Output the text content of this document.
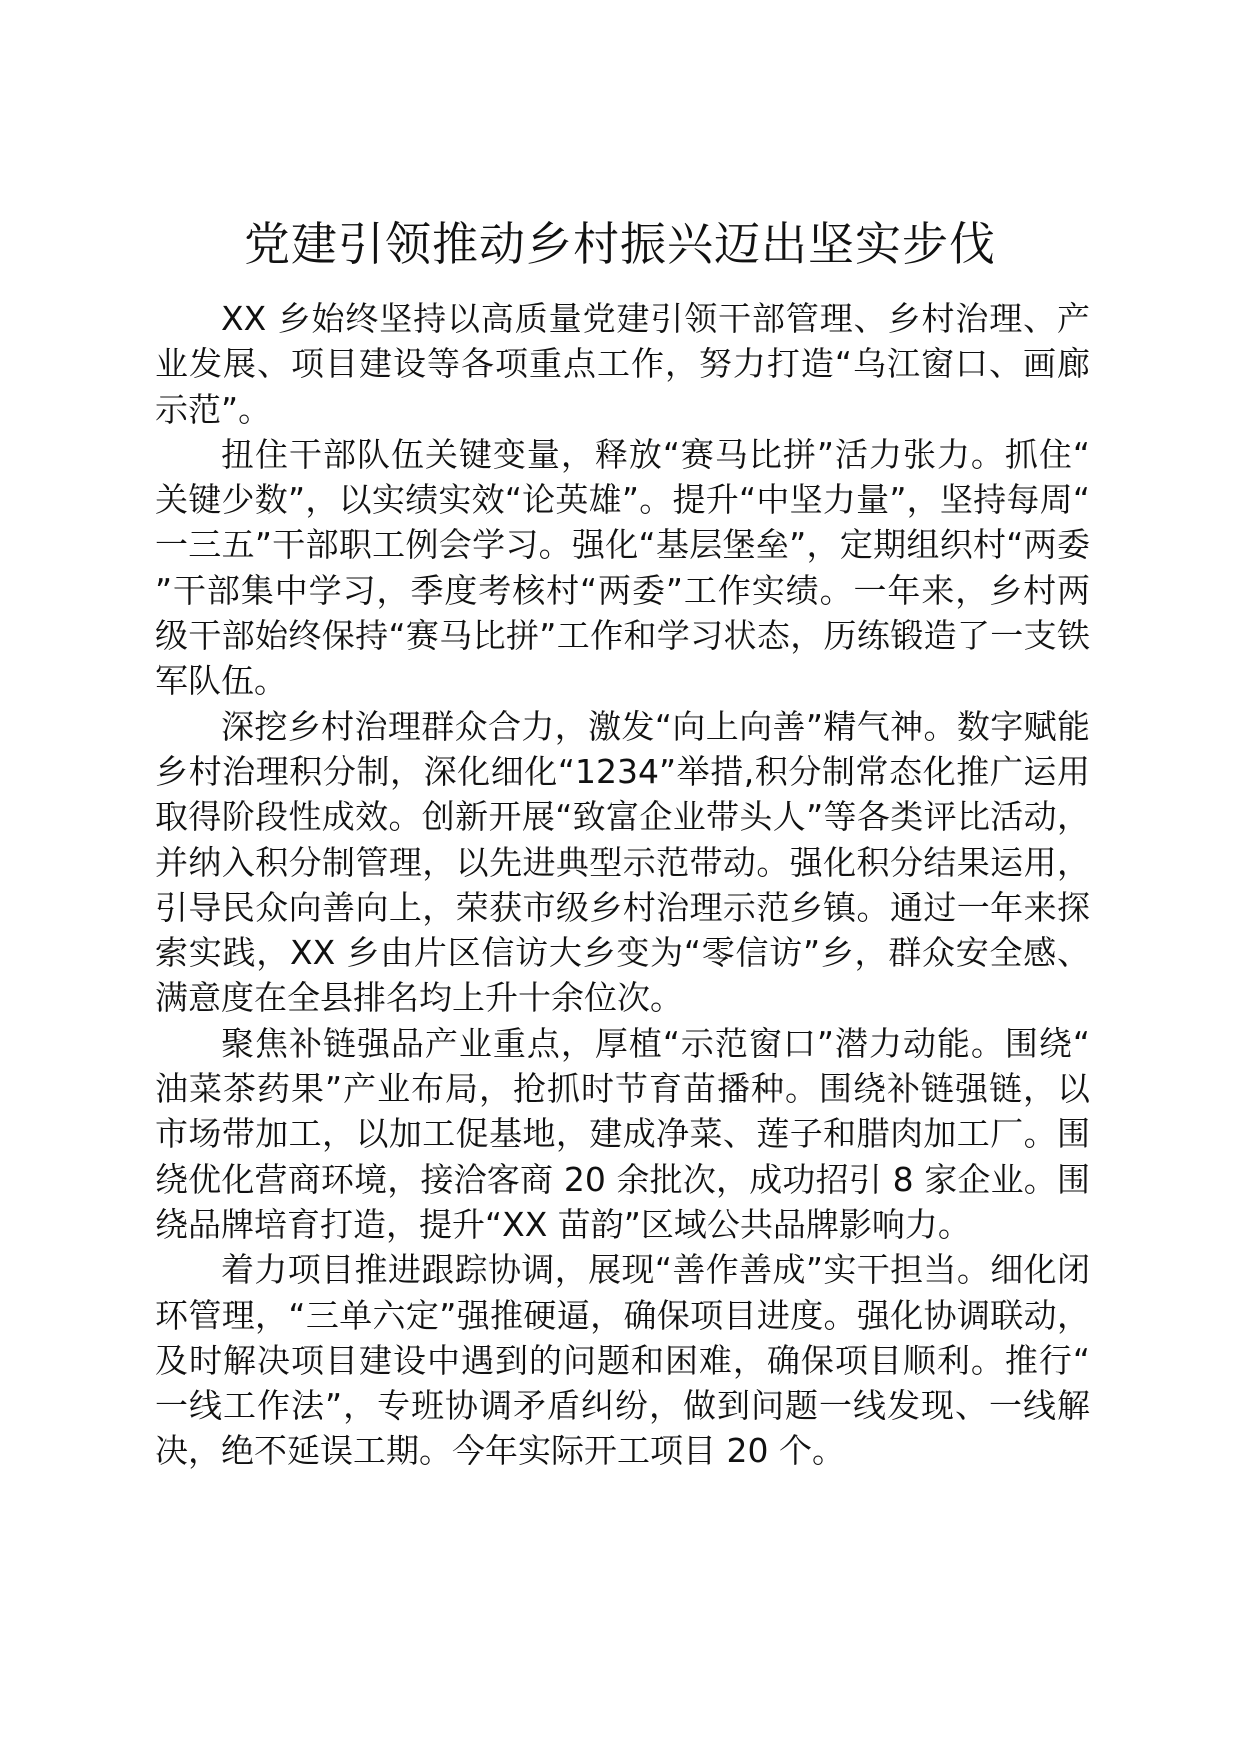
党建引领推动乡村振兴迈出坚实步伐

XX 乡始终坚持以高质量党建引领干部管理、乡村治理、产业发展、项目建设等各项重点工作，努力打造“乌江窗口、画廊示范”。

扭住干部队伍关键变量，释放“赛马比拼”活力张力。抓住“关键少数”，以实绩实效“论英雄”。提升“中坚力量”，坚持每周“一三五”干部职工例会学习。强化“基层堡垒”，定期组织村“两委”干部集中学习，季度考核村“两委”工作实绩。一年来，乡村两级干部始终保持“赛马比拼”工作和学习状态，历练锻造了一支铁军队伍。

深挖乡村治理群众合力，激发“向上向善”精气神。数字赋能乡村治理积分制，深化细化“1234”举措,积分制常态化推广运用取得阶段性成效。创新开展“致富企业带头人”等各类评比活动，并纳入积分制管理，以先进典型示范带动。强化积分结果运用，引导民众向善向上，荣获市级乡村治理示范乡镇。通过一年来探索实践，XX 乡由片区信访大乡变为“零信访”乡，群众安全感、满意度在全县排名均上升十余位次。

聚焦补链强品产业重点，厚植“示范窗口”潜力动能。围绕“油菜茶药果”产业布局，抢抓时节育苗播种。围绕补链强链，以市场带加工，以加工促基地，建成净菜、莲子和腊肉加工厂。围绕优化营商环境，接洽客商 20 余批次，成功招引 8 家企业。围绕品牌培育打造，提升“XX 苗韵”区域公共品牌影响力。

着力项目推进跟踪协调，展现“善作善成”实干担当。细化闭环管理，“三单六定”强推硬逼，确保项目进度。强化协调联动，及时解决项目建设中遇到的问题和困难，确保项目顺利。推行“一线工作法”，专班协调矛盾纠纷，做到问题一线发现、一线解决，绝不延误工期。今年实际开工项目 20 个。
